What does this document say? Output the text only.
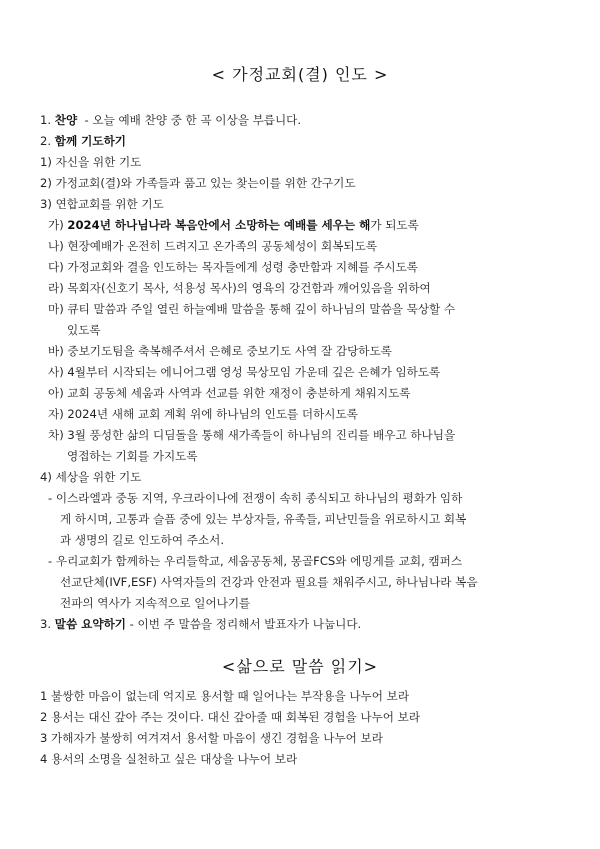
< 가정교회(결) 인도 >
1. 찬양  - 오늘 예배 찬양 중 한 곡 이상을 부릅니다.
2. 함께 기도하기
1) 자신을 위한 기도
2) 가정교회(결)와 가족들과 품고 있는 찾는이를 위한 간구기도
3) 연합교회를 위한 기도
가) 2024년 하나님나라 복음안에서 소망하는 예배를 세우는 해가 되도록
나) 현장예배가 온전히 드려지고 온가족의 공동체성이 회복되도록
다) 가정교회와 결을 인도하는 목자들에게 성령 충만함과 지혜를 주시도록
라) 목회자(신호기 목사, 석용성 목사)의 영육의 강건함과 깨어있음을 위하여
마) 큐티 말씀과 주일 열린 하늘예배 말씀을 통해 깊이 하나님의 말씀을 묵상할 수
있도록
바) 중보기도팀을 축복해주셔서 은혜로 중보기도 사역 잘 감당하도록
사) 4월부터 시작되는 에니어그램 영성 묵상모임 가운데 깊은 은혜가 임하도록
아) 교회 공동체 세움과 사역과 선교를 위한 재정이 충분하게 채워지도록
자) 2024년 새해 교회 계획 위에 하나님의 인도를 더하시도록
차) 3월 풍성한 삶의 디딤돌을 통해 새가족들이 하나님의 진리를 배우고 하나님을
영접하는 기회를 가지도록
4) 세상을 위한 기도
- 이스라엘과 중동 지역, 우크라이나에 전쟁이 속히 종식되고 하나님의 평화가 임하
게 하시며, 고통과 슬픔 중에 있는 부상자들, 유족들, 피난민들을 위로하시고 회복
과 생명의 길로 인도하여 주소서.
- 우리교회가 함께하는 우리들학교, 세움공동체, 몽골FCS와 에밍게를 교회, 캠퍼스
선교단체(IVF,ESF) 사역자들의 건강과 안전과 필요를 채워주시고, 하나님나라 복음
전파의 역사가 지속적으로 일어나기를
3. 말씀 요약하기 - 이번 주 말씀을 정리해서 발표자가 나눕니다.
<삶으로 말씀 읽기>
1 불쌍한 마음이 없는데 억지로 용서할 때 일어나는 부작용을 나누어 보라
2 용서는 대신 갚아 주는 것이다. 대신 갚아줄 때 회복된 경험을 나누어 보라
3 가해자가 불쌍히 여겨져서 용서할 마음이 생긴 경험을 나누어 보라
4 용서의 소명을 실천하고 싶은 대상을 나누어 보라
